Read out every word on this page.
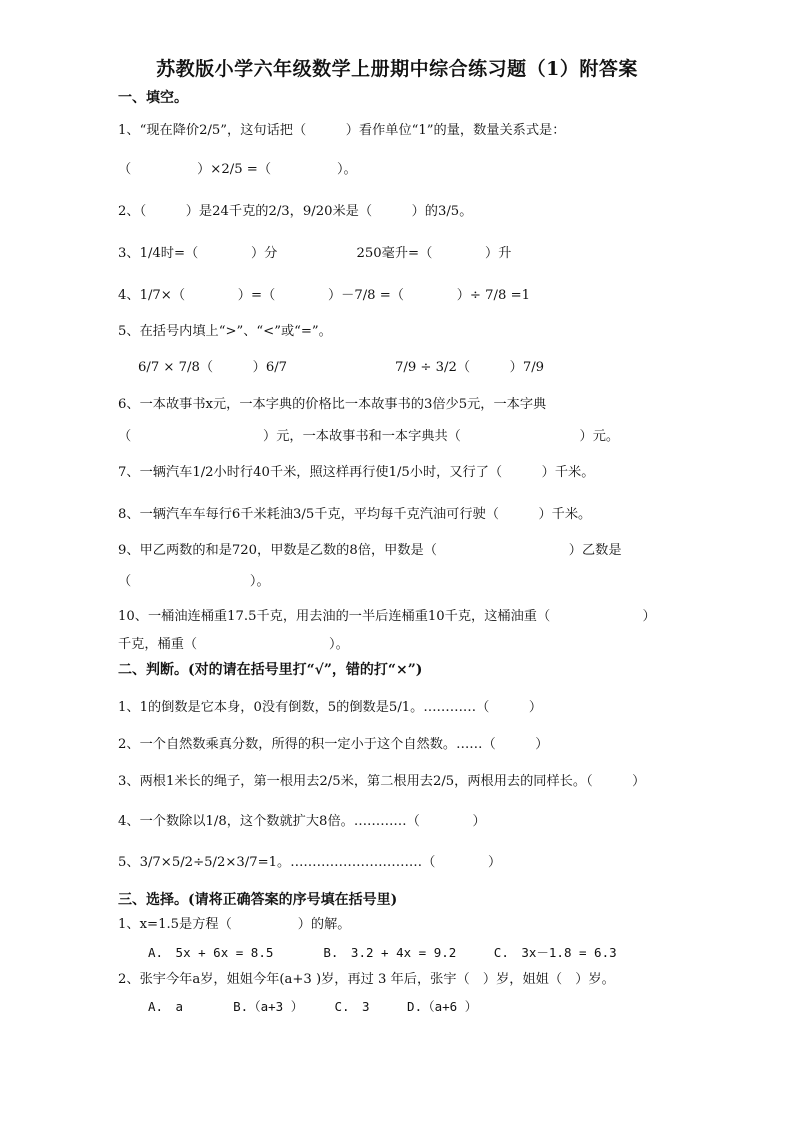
苏教版小学六年级数学上册期中综合练习题（1）附答案
一、填空。
1、“现在降价2/5”，这句话把（　　　）看作单位“1”的量，数量关系式是：
（　　　　　）×2/5 =（　　　　　）。
2、（　　　）是24千克的2/3，9/20米是（　　　）的3/5。
3、1/4时=（　　　　）分　　　　　　250毫升=（　　　　）升
4、1/7×（　　　　）=（　　　　）－7/8 =（　　　　）÷ 7/8 =1
5、在括号内填上“>”、“<”或“=”。
6/7 × 7/8（　　　）6/7	7/9 ÷ 3/2（　　　）7/9
6、一本故事书x元，一本字典的价格比一本故事书的3倍少5元，一本字典
（　　　　　　　　　　）元，一本故事书和一本字典共（　　　　　　　　　）元。
7、一辆汽车1/2小时行40千米，照这样再行使1/5小时，又行了（　　　）千米。
8、一辆汽车车每行6千米耗油3/5千克，平均每千克汽油可行驶（　　　）千米。
9、甲乙两数的和是720，甲数是乙数的8倍，甲数是（　　　　　　　　　　）乙数是
（　　　　　　　　　）。
10、一桶油连桶重17.5千克，用去油的一半后连桶重10千克，这桶油重（　　　　　　　）
千克，桶重（　　　　　　　　　　）。
二、判断。(对的请在括号里打“√”，错的打“×”)
1、1的倒数是它本身，0没有倒数，5的倒数是5/1。…………（　　　）
2、一个自然数乘真分数，所得的积一定小于这个自然数。……（　　　）
3、两根1米长的绳子，第一根用去2/5米，第二根用去2/5，两根用去的同样长。（　　　）
4、一个数除以1/8，这个数就扩大8倍。…………（　　　　）
5、3/7×5/2÷5/2×3/7=1。…………………………（　　　　）
三、选择。(请将正确答案的序号填在括号里)
1、x=1.5是方程（　　　　　）的解。
A.　5x + 6x = 8.5　　　　B.　3.2 + 4x = 9.2　　　C.　3x－1.8 = 6.3
2、张宇今年a岁，姐姐今年(a+3 )岁，再过 3 年后，张宇（　）岁，姐姐（　）岁。
A.　a　　　　B.（a+3 ）　　　C.　3　　　D.（a+6 ）
